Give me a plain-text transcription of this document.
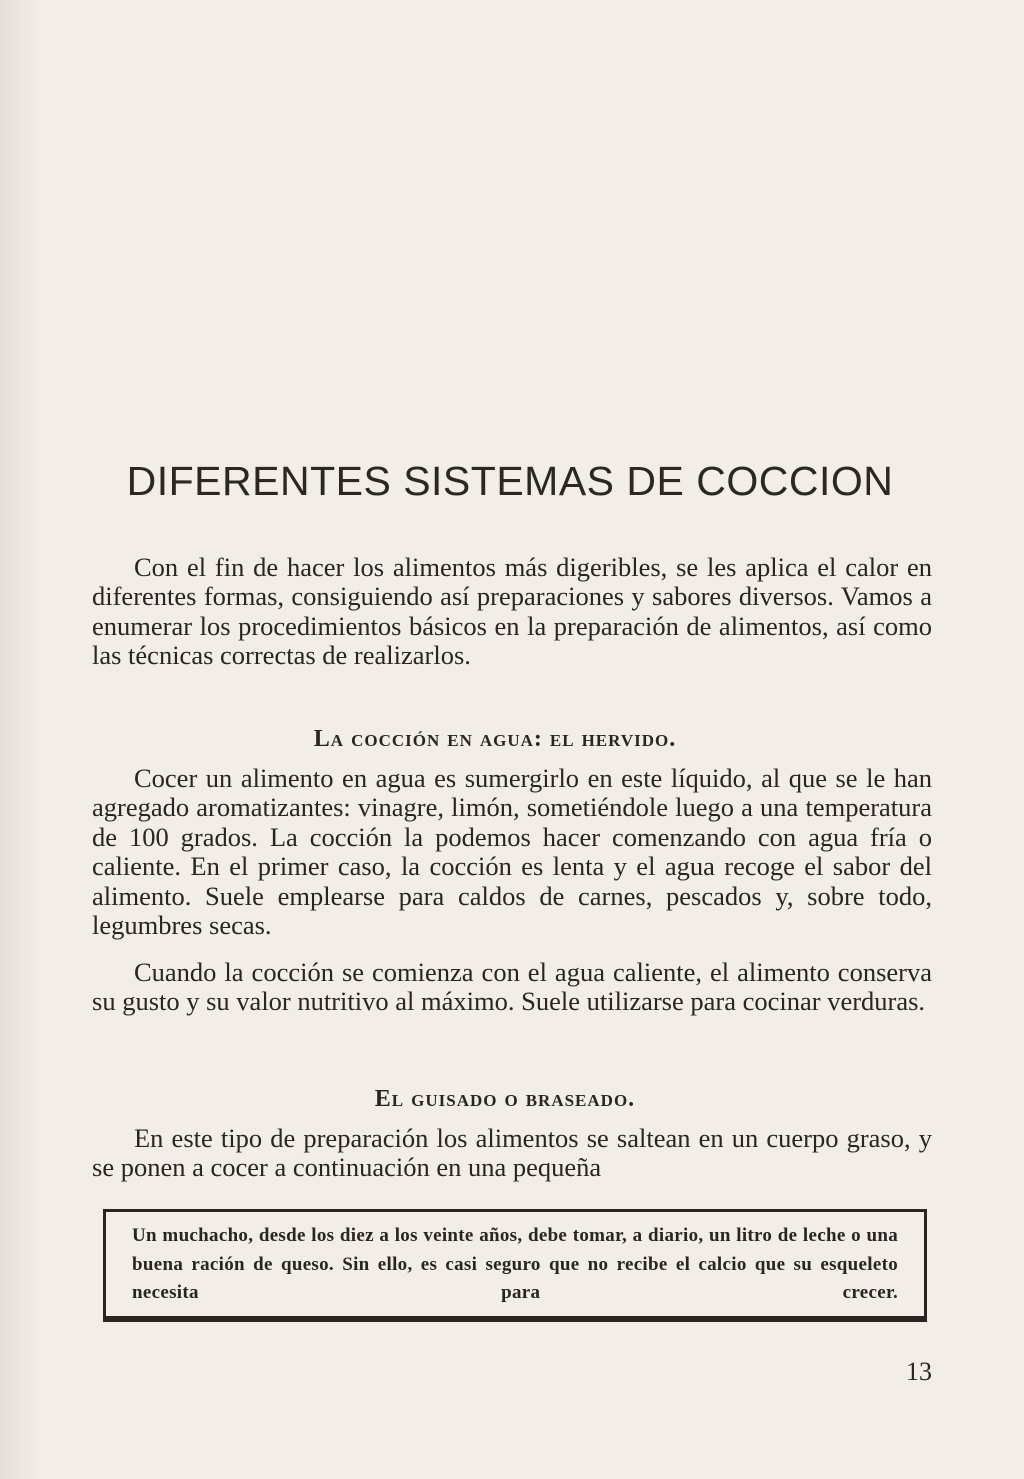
DIFERENTES SISTEMAS DE COCCION

Con el fin de hacer los alimentos más digeribles, se les aplica el calor en diferentes formas, consiguiendo así preparaciones y sabores diversos. Vamos a enumerar los procedimientos básicos en la preparación de alimentos, así como las técnicas correctas de realizarlos.

La cocción en agua: el hervido.

Cocer un alimento en agua es sumergirlo en este líquido, al que se le han agregado aromatizantes: vinagre, limón, sometiéndole luego a una temperatura de 100 grados. La cocción la podemos hacer comenzando con agua fría o caliente. En el primer caso, la cocción es lenta y el agua recoge el sabor del alimento. Suele emplearse para caldos de carnes, pescados y, sobre todo, legumbres secas.

Cuando la cocción se comienza con el agua caliente, el alimento conserva su gusto y su valor nutritivo al máximo. Suele utilizarse para cocinar verduras.

El guisado o braseado.

En este tipo de preparación los alimentos se saltean en un cuerpo graso, y se ponen a cocer a continuación en una pequeña

Un muchacho, desde los diez a los veinte años, debe tomar, a diario, un litro de leche o una buena ración de queso. Sin ello, es casi seguro que no recibe el calcio que su esqueleto necesita para crecer.

13
